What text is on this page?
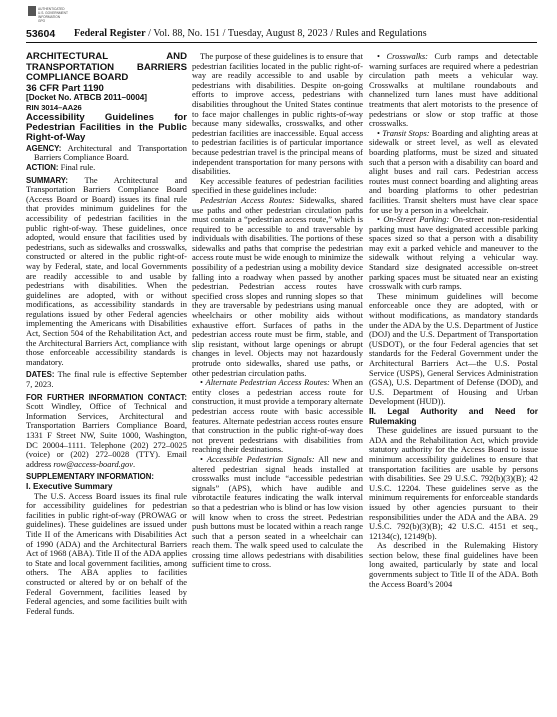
AUTHENTICATED U.S. GOVERNMENT INFORMATION GPO
53604 Federal Register / Vol. 88, No. 151 / Tuesday, August 8, 2023 / Rules and Regulations

ARCHITECTURAL AND TRANSPORTATION BARRIERS COMPLIANCE BOARD

36 CFR Part 1190

[Docket No. ATBCB 2011–0004]

RIN 3014–AA26

Accessibility Guidelines for Pedestrian Facilities in the Public Right-of-Way

AGENCY: Architectural and Transportation Barriers Compliance Board.

ACTION: Final rule.

SUMMARY: The Architectural and Transportation Barriers Compliance Board (Access Board or Board) issues its final rule that provides minimum guidelines for the accessibility of pedestrian facilities in the public right-of-way. These guidelines, once adopted, would ensure that facilities used by pedestrians, such as sidewalks and crosswalks, constructed or altered in the public right-of-way by Federal, state, and local Governments are readily accessible to and usable by pedestrians with disabilities. When the guidelines are adopted, with or without modifications, as accessibility standards in regulations issued by other Federal agencies implementing the Americans with Disabilities Act, Section 504 of the Rehabilitation Act, and the Architectural Barriers Act, compliance with those enforceable accessibility standards is mandatory.

DATES: The final rule is effective September 7, 2023.

FOR FURTHER INFORMATION CONTACT: Scott Windley, Office of Technical and Information Services, Architectural and Transportation Barriers Compliance Board, 1331 F Street NW, Suite 1000, Washington, DC 20004–1111. Telephone (202) 272–0025 (voice) or (202) 272–0028 (TTY). Email address row@access-board.gov.

SUPPLEMENTARY INFORMATION:

I. Executive Summary

The U.S. Access Board issues its final rule for accessibility guidelines for pedestrian facilities in public right-of-way (PROWAG or guidelines). These guidelines are issued under Title II of the Americans with Disabilities Act of 1990 (ADA) and the Architectural Barriers Act of 1968 (ABA). Title II of the ADA applies to State and local government facilities, among others. The ABA applies to facilities constructed or altered by or on behalf of the Federal Government, facilities leased by Federal agencies, and some facilities built with Federal funds.

The purpose of these guidelines is to ensure that pedestrian facilities located in the public right-of-way are readily accessible to and usable by pedestrians with disabilities. Despite on-going efforts to improve access, pedestrians with disabilities throughout the United States continue to face major challenges in public rights-of-way because many sidewalks, crosswalks, and other pedestrian facilities are inaccessible. Equal access to pedestrian facilities is of particular importance because pedestrian travel is the principal means of independent transportation for many persons with disabilities.

Key accessible features of pedestrian facilities specified in these guidelines include:

Pedestrian Access Routes: Sidewalks, shared use paths and other pedestrian circulation paths must contain a “pedestrian access route,” which is required to be accessible to and traversable by individuals with disabilities. The portions of these sidewalks and paths that comprise the pedestrian access route must be wide enough to minimize the possibility of a pedestrian using a mobility device falling into a roadway when passed by another pedestrian. Pedestrian access routes have specified cross slopes and running slopes so that they are traversable by pedestrians using manual wheelchairs or other mobility aids without exhaustive effort. Surfaces of paths in the pedestrian access route must be firm, stable, and slip resistant, without large openings or abrupt changes in level. Objects may not hazardously protrude onto sidewalks, shared use paths, or other pedestrian circulation paths.

• Alternate Pedestrian Access Routes: When an entity closes a pedestrian access route for construction, it must provide a temporary alternate pedestrian access route with basic accessible features. Alternate pedestrian access routes ensure that construction in the public right-of-way does not prevent pedestrians with disabilities from reaching their destinations.

• Accessible Pedestrian Signals: All new and altered pedestrian signal heads installed at crosswalks must include “accessible pedestrian signals” (APS), which have audible and vibrotactile features indicating the walk interval so that a pedestrian who is blind or has low vision will know when to cross the street. Pedestrian push buttons must be located within a reach range such that a person seated in a wheelchair can reach them. The walk speed used to calculate the crossing time allows pedestrians with disabilities sufficient time to cross.

• Crosswalks: Curb ramps and detectable warning surfaces are required where a pedestrian circulation path meets a vehicular way. Crosswalks at multilane roundabouts and channelized turn lanes must have additional treatments that alert motorists to the presence of pedestrians or slow or stop traffic at those crosswalks.

• Transit Stops: Boarding and alighting areas at sidewalk or street level, as well as elevated boarding platforms, must be sized and situated such that a person with a disability can board and alight buses and rail cars. Pedestrian access routes must connect boarding and alighting areas and boarding platforms to other pedestrian facilities. Transit shelters must have clear space for use by a person in a wheelchair.

• On-Street Parking: On-street non-residential parking must have designated accessible parking spaces sized so that a person with a disability may exit a parked vehicle and maneuver to the sidewalk without relying a vehicular way. Standard size designated accessible on-street parking spaces must be situated near an existing crosswalk with curb ramps.

These minimum guidelines will become enforceable once they are adopted, with or without modifications, as mandatory standards under the ADA by the U.S. Department of Justice (DOJ) and the U.S. Department of Transportation (USDOT), or the four Federal agencies that set standards for the Federal Government under the Architectural Barriers Act—the U.S. Postal Service (USPS), General Services Administration (GSA), U.S. Department of Defense (DOD), and U.S. Department of Housing and Urban Development (HUD)).

II. Legal Authority and Need for Rulemaking

These guidelines are issued pursuant to the ADA and the Rehabilitation Act, which provide statutory authority for the Access Board to issue minimum accessibility guidelines to ensure that transportation facilities are usable by persons with disabilities. See 29 U.S.C. 792(b)(3)(B); 42 U.S.C. 12204. These guidelines serve as the minimum requirements for enforceable standards issued by other agencies pursuant to their responsibilities under the ADA and the ABA. 29 U.S.C. 792(b)(3)(B); 42 U.S.C. 4151 et seq., 12134(c), 12149(b).

As described in the Rulemaking History section below, these final guidelines have been long awaited, particularly by state and local governments subject to Title II of the ADA. Both the Access Board’s 2004
